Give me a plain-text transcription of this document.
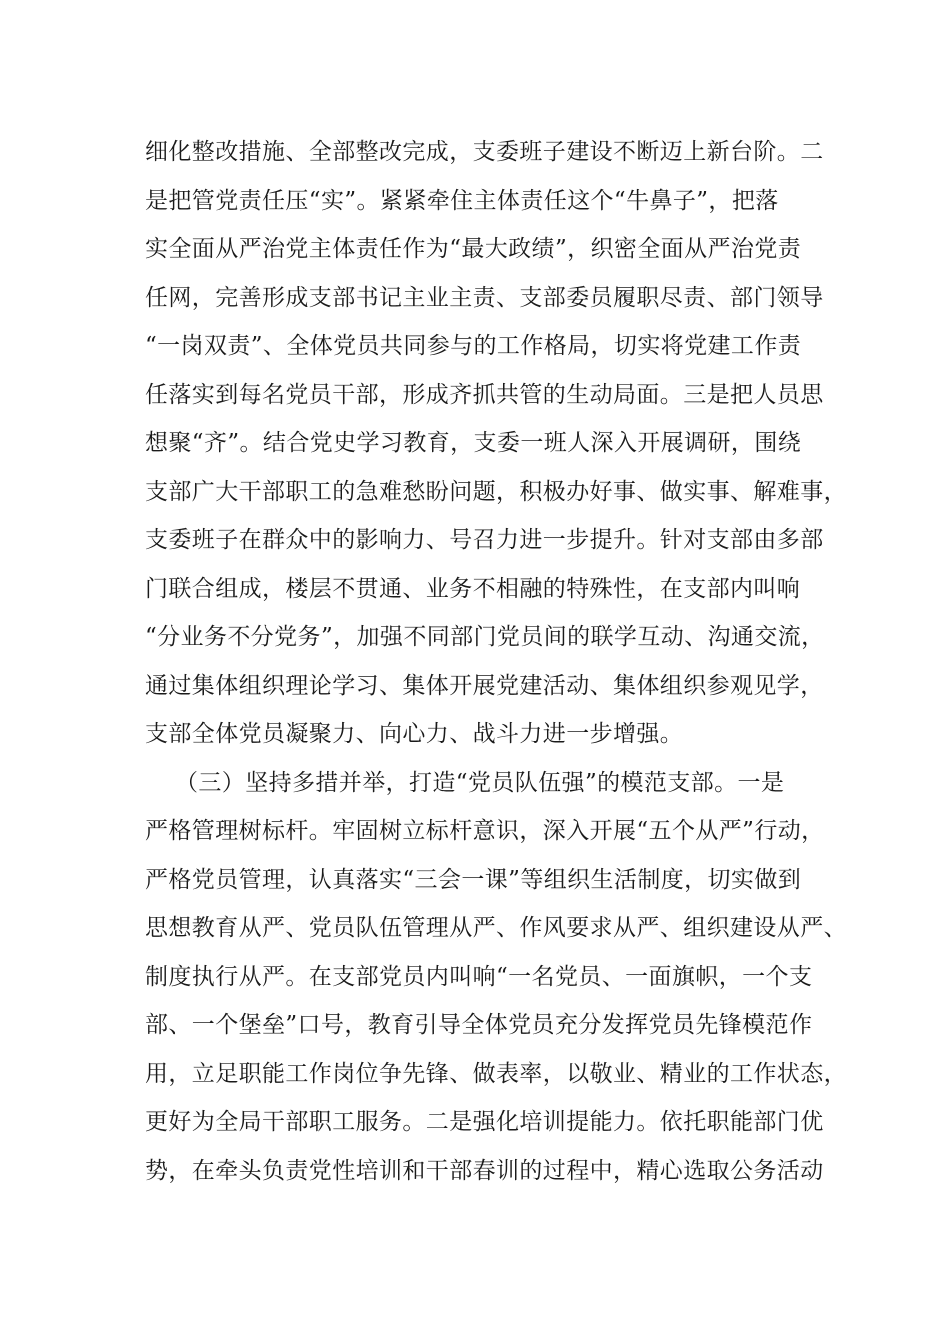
细化整改措施、全部整改完成，支委班子建设不断迈上新台阶。二
是把管党责任压“实”。紧紧牵住主体责任这个“牛鼻子”，把落
实全面从严治党主体责任作为“最大政绩”，织密全面从严治党责
任网，完善形成支部书记主业主责、支部委员履职尽责、部门领导
“一岗双责”、全体党员共同参与的工作格局，切实将党建工作责
任落实到每名党员干部，形成齐抓共管的生动局面。三是把人员思
想聚“齐”。结合党史学习教育，支委一班人深入开展调研，围绕
支部广大干部职工的急难愁盼问题，积极办好事、做实事、解难事，
支委班子在群众中的影响力、号召力进一步提升。针对支部由多部
门联合组成，楼层不贯通、业务不相融的特殊性，在支部内叫响
“分业务不分党务”，加强不同部门党员间的联学互动、沟通交流，
通过集体组织理论学习、集体开展党建活动、集体组织参观见学，
支部全体党员凝聚力、向心力、战斗力进一步增强。
（三）坚持多措并举，打造“党员队伍强”的模范支部。一是
严格管理树标杆。牢固树立标杆意识，深入开展“五个从严”行动，
严格党员管理，认真落实“三会一课”等组织生活制度，切实做到
思想教育从严、党员队伍管理从严、作风要求从严、组织建设从严、
制度执行从严。在支部党员内叫响“一名党员、一面旗帜，一个支
部、一个堡垒”口号，教育引导全体党员充分发挥党员先锋模范作
用，立足职能工作岗位争先锋、做表率，以敬业、精业的工作状态，
更好为全局干部职工服务。二是强化培训提能力。依托职能部门优
势，在牵头负责党性培训和干部春训的过程中，精心选取公务活动
